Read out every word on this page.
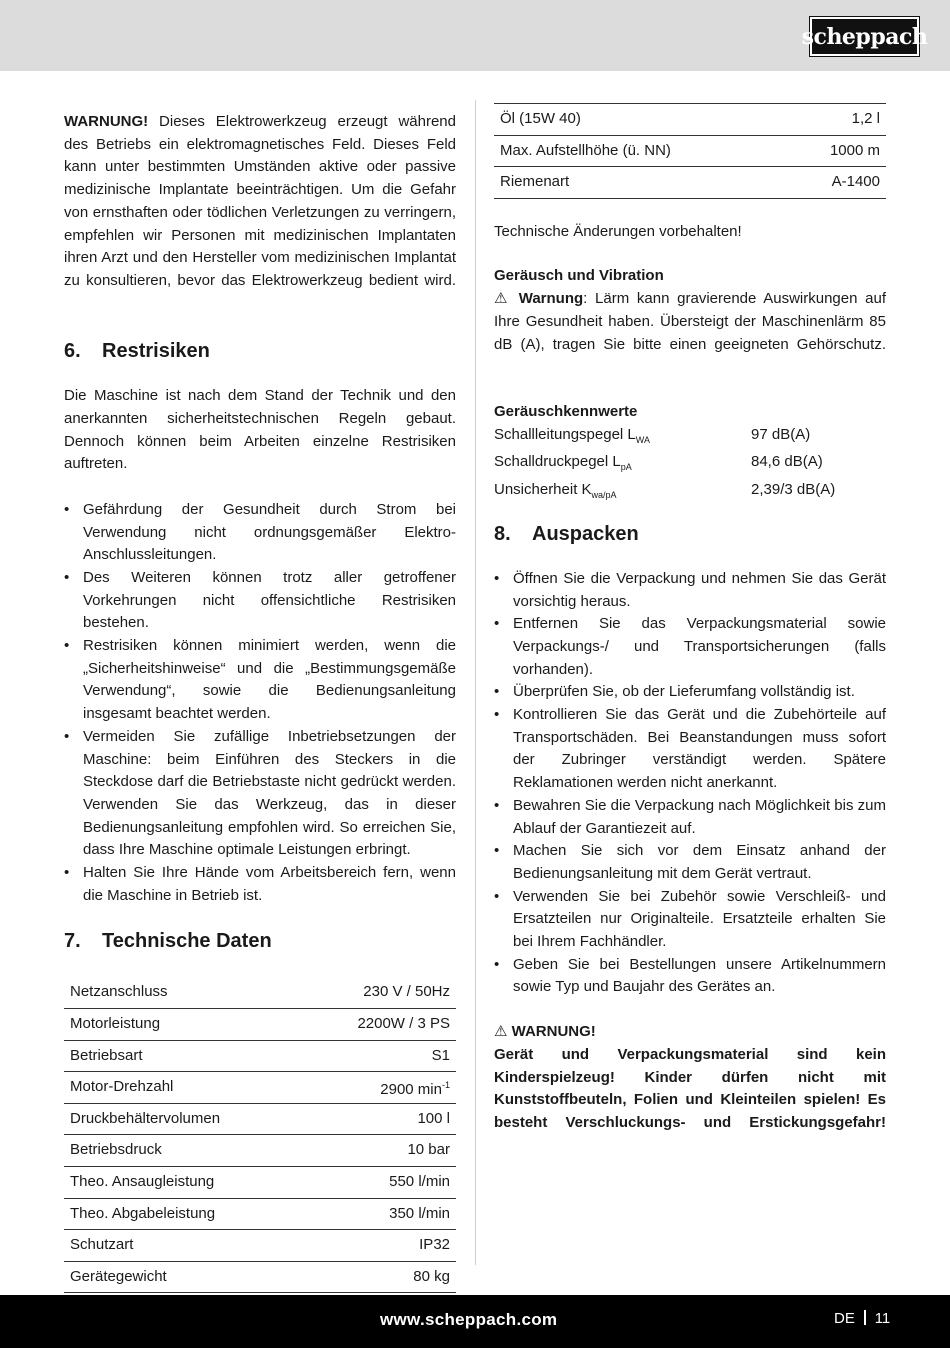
scheppach

WARNUNG! Dieses Elektrowerkzeug erzeugt während des Betriebs ein elektromagnetisches Feld. Dieses Feld kann unter bestimmten Umständen aktive oder passive medizinische Implantate beeinträchtigen. Um die Gefahr von ernsthaften oder tödlichen Verletzungen zu verringern, empfehlen wir Personen mit medizinischen Implantaten ihren Arzt und den Hersteller vom medizinischen Implantat zu konsultieren, bevor das Elektrowerkzeug bedient wird.

6.	Restrisiken

Die Maschine ist nach dem Stand der Technik und den anerkannten sicherheitstechnischen Regeln gebaut. Dennoch können beim Arbeiten einzelne Restrisiken auftreten.

• Gefährdung der Gesundheit durch Strom bei Verwendung nicht ordnungsgemäßer Elektro-Anschlussleitungen.
• Des Weiteren können trotz aller getroffener Vorkehrungen nicht offensichtliche Restrisiken bestehen.
• Restrisiken können minimiert werden, wenn die „Sicherheitshinweise“ und die „Bestimmungsgemäße Verwendung“, sowie die Bedienungsanleitung insgesamt beachtet werden.
• Vermeiden Sie zufällige Inbetriebsetzungen der Maschine: beim Einführen des Steckers in die Steckdose darf die Betriebstaste nicht gedrückt werden. Verwenden Sie das Werkzeug, das in dieser Bedienungsanleitung empfohlen wird. So erreichen Sie, dass Ihre Maschine optimale Leistungen erbringt.
• Halten Sie Ihre Hände vom Arbeitsbereich fern, wenn die Maschine in Betrieb ist.
7.	Technische Daten
Netzanschluss	230 V / 50Hz
Motorleistung	2200W / 3 PS
Betriebsart	S1
Motor-Drehzahl	2900 $\min^{-1}$
Druckbehältervolumen	100 l
Betriebsdruck	10 bar
Theo. Ansaugleistung	550 l/min
Theo. Abgabeleistung	350 l/min
Schutzart	IP32
Gerätegewicht	80 kg
Öl (15W 40)	1,2 l
Max. Aufstellhöhe (ü. NN)	1000 m
Riemenart	A-1400

Technische Änderungen vorbehalten!

Geräusch und Vibration

⚠ Warnung: Lärm kann gravierende Auswirkungen auf Ihre Gesundheit haben. Übersteigt der Maschinenlärm 85 dB (A), tragen Sie bitte einen geeigneten Gehörschutz.

Geräuschkennwerte

Schallleitungspegel $L_{WA}$	97 dB(A)
Schalldruckpegel $L_{pA}$	84,6 dB(A)
Unsicherheit $K_{wa/pA}$	2,39/3 dB(A)
8.	Auspacken
• Öffnen Sie die Verpackung und nehmen Sie das Gerät vorsichtig heraus.
• Entfernen Sie das Verpackungsmaterial sowie Verpackungs-/ und Transportsicherungen (falls vorhanden).
• Überprüfen Sie, ob der Lieferumfang vollständig ist.
• Kontrollieren Sie das Gerät und die Zubehörteile auf Transportschäden. Bei Beanstandungen muss sofort der Zubringer verständigt werden. Spätere Reklamationen werden nicht anerkannt.
• Bewahren Sie die Verpackung nach Möglichkeit bis zum Ablauf der Garantiezeit auf.
• Machen Sie sich vor dem Einsatz anhand der Bedienungsanleitung mit dem Gerät vertraut.
• Verwenden Sie bei Zubehör sowie Verschleiß- und Ersatzteilen nur Originalteile. Ersatzteile erhalten Sie bei Ihrem Fachhändler.
• Geben Sie bei Bestellungen unsere Artikelnummern sowie Typ und Baujahr des Gerätes an.

⚠ WARNUNG!

Gerät und Verpackungsmaterial sind kein Kinderspielzeug! Kinder dürfen nicht mit Kunststoffbeuteln, Folien und Kleinteilen spielen! Es besteht Verschluckungs- und Erstickungsgefahr!

www.scheppach.com	DE 11
